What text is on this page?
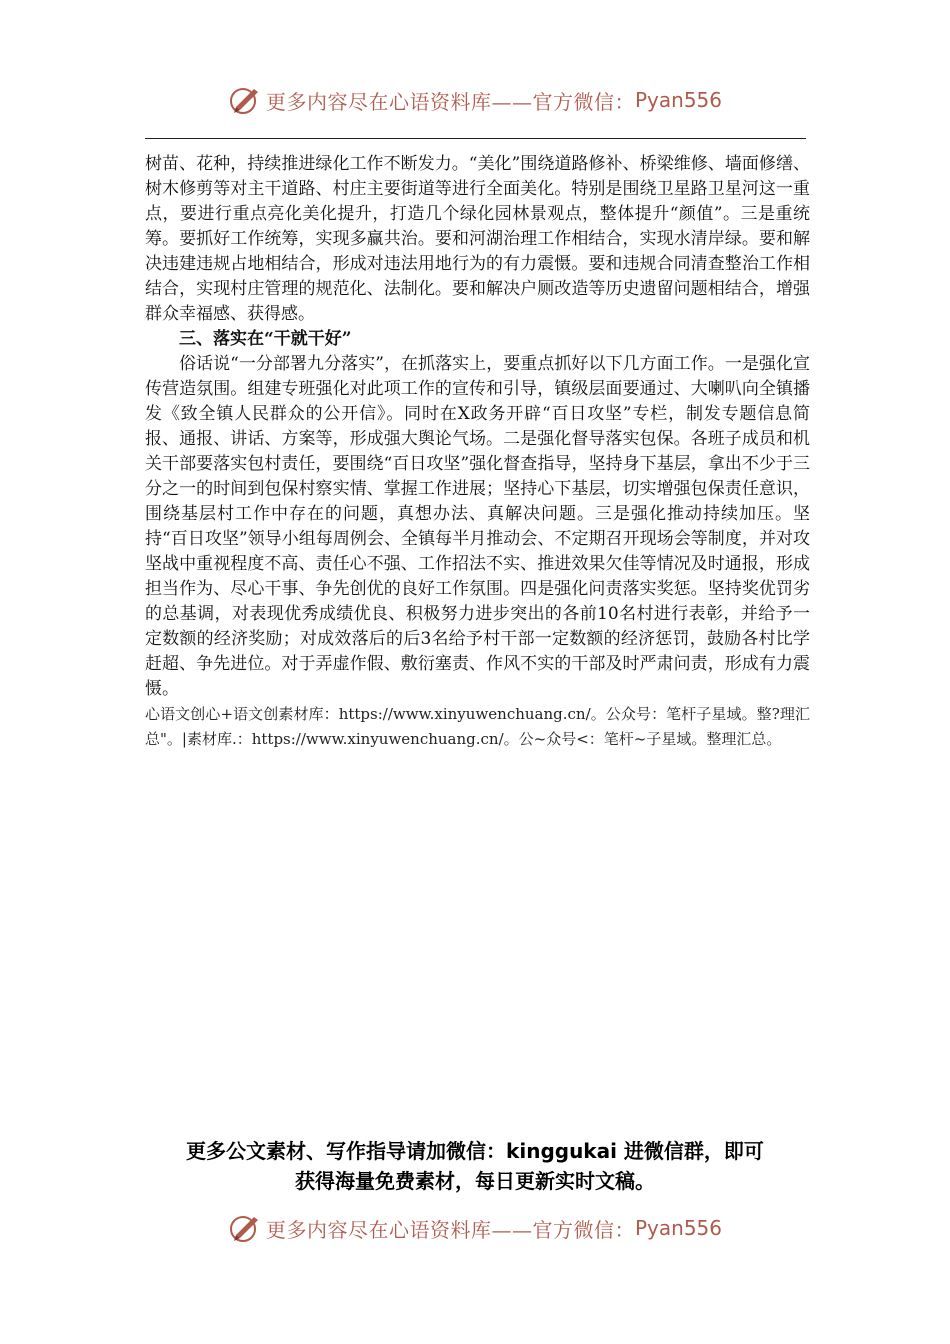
更多内容尽在心语资料库——官方微信： Pyan556

树苗、花种，持续推进绿化工作不断发力。“美化”围绕道路修补、桥梁维修、墙面修缮、树木修剪等对主干道路、村庄主要街道等进行全面美化。特别是围绕卫星路卫星河这一重点，要进行重点亮化美化提升，打造几个绿化园林景观点，整体提升“颜值”。三是重统筹。要抓好工作统筹，实现多赢共治。要和河湖治理工作相结合，实现水清岸绿。要和解决违建违规占地相结合，形成对违法用地行为的有力震慑。要和违规合同清查整治工作相结合，实现村庄管理的规范化、法制化。要和解决户厕改造等历史遗留问题相结合，增强群众幸福感、获得感。

三、落实在“干就干好”

俗话说“一分部署九分落实”，在抓落实上，要重点抓好以下几方面工作。一是强化宣传营造氛围。组建专班强化对此项工作的宣传和引导，镇级层面要通过、大喇叭向全镇播发《致全镇人民群众的公开信》。同时在X政务开辟“百日攻坚”专栏，制发专题信息简报、通报、讲话、方案等，形成强大舆论气场。二是强化督导落实包保。各班子成员和机关干部要落实包村责任，要围绕“百日攻坚”强化督查指导，坚持身下基层，拿出不少于三分之一的时间到包保村察实情、掌握工作进展；坚持心下基层，切实增强包保责任意识，围绕基层村工作中存在的问题，真想办法、真解决问题。三是强化推动持续加压。坚持“百日攻坚”领导小组每周例会、全镇每半月推动会、不定期召开现场会等制度，并对攻坚战中重视程度不高、责任心不强、工作招法不实、推进效果欠佳等情况及时通报，形成担当作为、尽心干事、争先创优的良好工作氛围。四是强化问责落实奖惩。坚持奖优罚劣的总基调，对表现优秀成绩优良、积极努力进步突出的各前10名村进行表彰，并给予一定数额的经济奖励；对成效落后的后3名给予村干部一定数额的经济惩罚，鼓励各村比学赶超、争先进位。对于弄虚作假、敷衍塞责、作风不实的干部及时严肃问责，形成有力震慑。

心语文创心+语文创素材库：https://www.xinyuwenchuang.cn/。公众号：笔杆子星域。整?理汇总"。|素材库.：https://www.xinyuwenchuang.cn/。公~众号<：笔杆~子星域。整理汇总。

更多公文素材、写作指导请加微信：kinggukai 进微信群，即可
获得海量免费素材，每日更新实时文稿。
更多内容尽在心语资料库——官方微信： Pyan556
